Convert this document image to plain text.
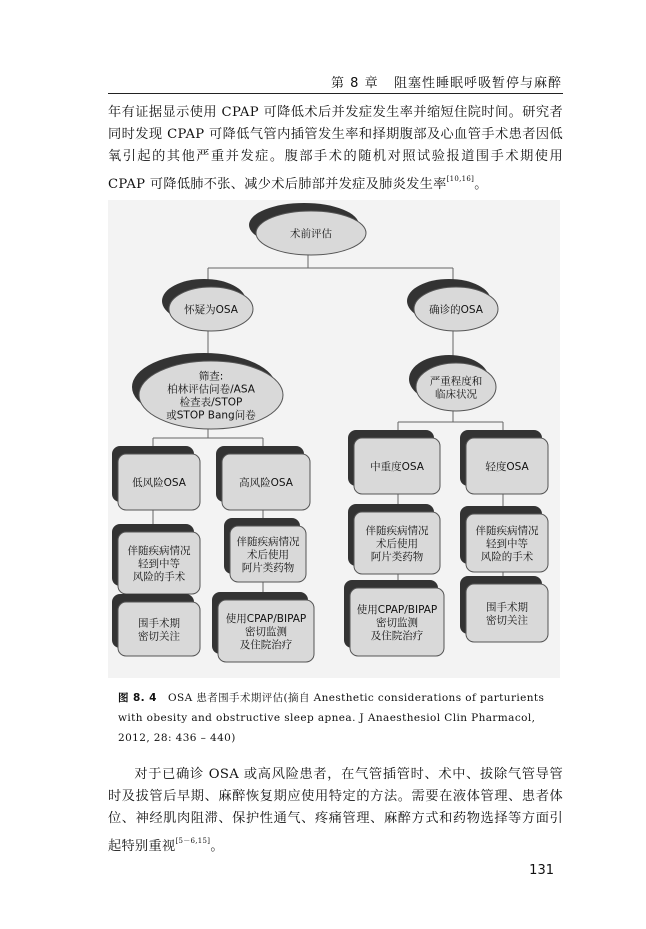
第 8 章 阻塞性睡眠呼吸暂停与麻醉

年有证据显示使用 CPAP 可降低术后并发症发生率并缩短住院时间。研究者同时发现 CPAP 可降低气管内插管发生率和择期腹部及心血管手术患者因低氧引起的其他严重并发症。腹部手术的随机对照试验报道围手术期使用 CPAP 可降低肺不张、减少术后肺部并发症及肺炎发生率[10,16]。

术前评估
怀疑为OSA	确诊的OSA
筛查:
柏林评估问卷/ASA
检查表/STOP
或STOP Bang问卷
严重程度和
临床状况
低风险OSA	高风险OSA
中重度OSA	轻度OSA
伴随疾病情况
轻到中等
风险的手术
伴随疾病情况
术后使用
阿片类药物
伴随疾病情况
术后使用
阿片类药物
伴随疾病情况
轻到中等
风险的手术
围手术期
密切关注
使用CPAP/BIPAP
密切监测
及住院治疗
使用CPAP/BIPAP
密切监测
及住院治疗
围手术期
密切关注
图 8. 4 OSA 患者围手术期评估(摘自 Anesthetic considerations of parturients with obesity and obstructive sleep apnea. J Anaesthesiol Clin Pharmacol, 2012, 28: 436 – 440)

对于已确诊 OSA 或高风险患者，在气管插管时、术中、拔除气管导管时及拔管后早期、麻醉恢复期应使用特定的方法。需要在液体管理、患者体位、神经肌肉阻滞、保护性通气、疼痛管理、麻醉方式和药物选择等方面引起特别重视[5－6,15]。

131
